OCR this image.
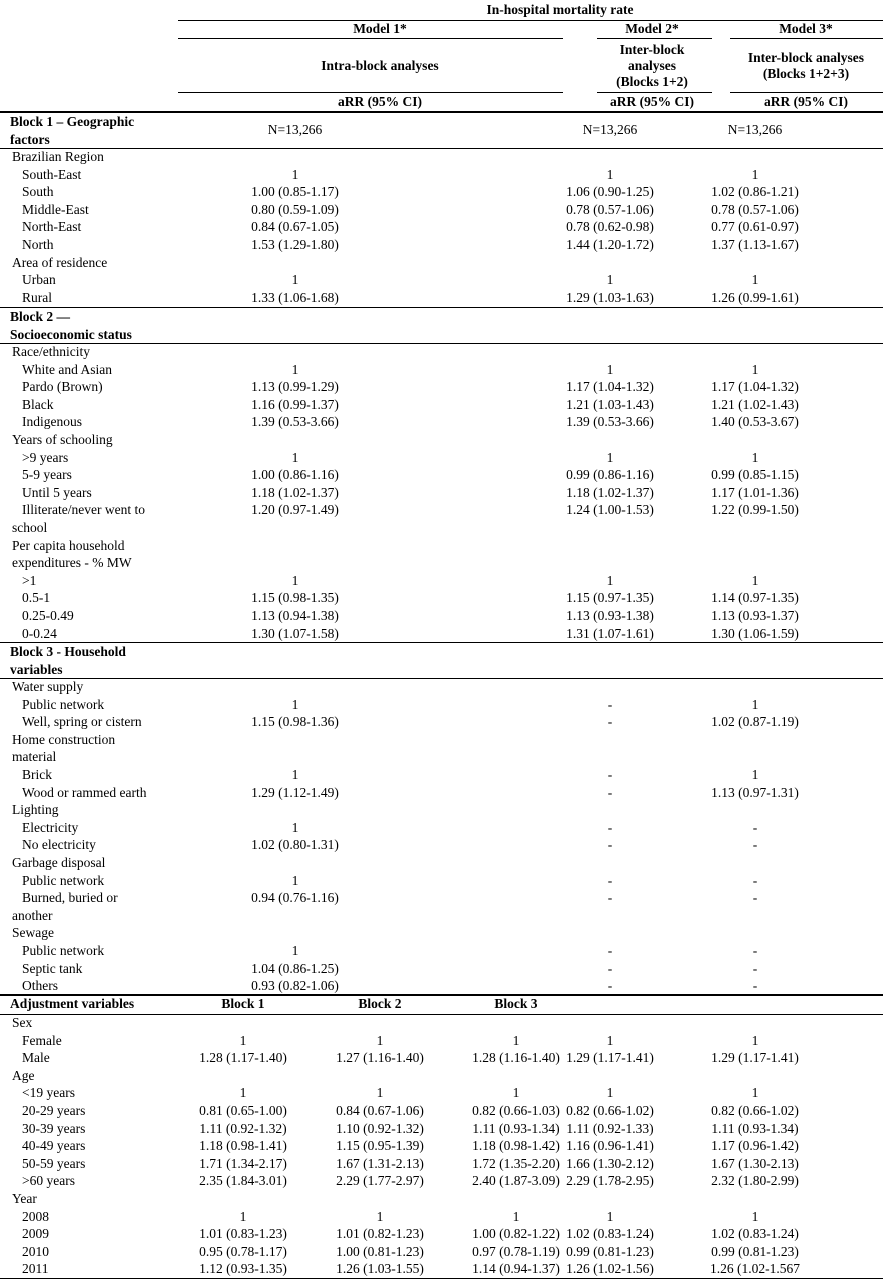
In-hospital mortality rate
Model 1*	Model 2*	Model 3*
Intra-block analyses
Inter-block
analyses
(Blocks 1+2)
Inter-block analyses
(Blocks 1+2+3)
aRR (95% CI)	aRR (95% CI)	aRR (95% CI)
Block 1 – Geographic
factors
N=13,266	N=13,266	N=13,266
Brazilian Region
South-East	1	1	1
South	1.00 (0.85-1.17)	1.06 (0.90-1.25)	1.02 (0.86-1.21)
Middle-East	0.80 (0.59-1.09)	0.78 (0.57-1.06)	0.78 (0.57-1.06)
North-East	0.84 (0.67-1.05)	0.78 (0.62-0.98)	0.77 (0.61-0.97)
North	1.53 (1.29-1.80)	1.44 (1.20-1.72)	1.37 (1.13-1.67)
Area of residence
Urban	1	1	1
Rural	1.33 (1.06-1.68)	1.29 (1.03-1.63)	1.26 (0.99-1.61)
Block 2 —
Socioeconomic status
Race/ethnicity
White and Asian	1	1	1
Pardo (Brown)	1.13 (0.99-1.29)	1.17 (1.04-1.32)	1.17 (1.04-1.32)
Black	1.16 (0.99-1.37)	1.21 (1.03-1.43)	1.21 (1.02-1.43)
Indigenous	1.39 (0.53-3.66)	1.39 (0.53-3.66)	1.40 (0.53-3.67)
Years of schooling
>9 years	1	1	1
5-9 years	1.00 (0.86-1.16)	0.99 (0.86-1.16)	0.99 (0.85-1.15)
Until 5 years	1.18 (1.02-1.37)	1.18 (1.02-1.37)	1.17 (1.01-1.36)
Illiterate/never went to	1.20 (0.97-1.49)	1.24 (1.00-1.53)	1.22 (0.99-1.50)
school
Per capita household
expenditures - % MW
>1	1	1	1
0.5-1	1.15 (0.98-1.35)	1.15 (0.97-1.35)	1.14 (0.97-1.35)
0.25-0.49	1.13 (0.94-1.38)	1.13 (0.93-1.38)	1.13 (0.93-1.37)
0-0.24	1.30 (1.07-1.58)	1.31 (1.07-1.61)	1.30 (1.06-1.59)
Block 3 - Household
variables
Water supply
Public network	1	-	1
Well, spring or cistern	1.15 (0.98-1.36)	-	1.02 (0.87-1.19)
Home construction
material
Brick	1	-	1
Wood or rammed earth	1.29 (1.12-1.49)	-	1.13 (0.97-1.31)
Lighting
Electricity	1	-	-
No electricity	1.02 (0.80-1.31)	-	-
Garbage disposal
Public network	1	-	-
Burned, buried or	0.94 (0.76-1.16)	-	-
another
Sewage
Public network	1	-	-
Septic tank	1.04 (0.86-1.25)	-	-
Others	0.93 (0.82-1.06)	-	-
Adjustment variables	Block 1	Block 2	Block 3
Sex
Female	1	1	1	1	1
Male	1.28 (1.17-1.40)	1.27 (1.16-1.40)	1.28 (1.16-1.40) 1.29 (1.17-1.41)	1.29 (1.17-1.41)
Age
<19 years	1	1	1	1	1
20-29 years	0.81 (0.65-1.00)	0.84 (0.67-1.06)	0.82 (0.66-1.03) 0.82 (0.66-1.02)	0.82 (0.66-1.02)
30-39 years	1.11 (0.92-1.32)	1.10 (0.92-1.32)	1.11 (0.93-1.34) 1.11 (0.92-1.33)	1.11 (0.93-1.34)
40-49 years	1.18 (0.98-1.41)	1.15 (0.95-1.39)	1.18 (0.98-1.42) 1.16 (0.96-1.41)	1.17 (0.96-1.42)
50-59 years	1.71 (1.34-2.17)	1.67 (1.31-2.13)	1.72 (1.35-2.20) 1.66 (1.30-2.12)	1.67 (1.30-2.13)
>60 years	2.35 (1.84-3.01)	2.29 (1.77-2.97)	2.40 (1.87-3.09) 2.29 (1.78-2.95)	2.32 (1.80-2.99)
Year
2008	1	1	1	1	1
2009	1.01 (0.83-1.23)	1.01 (0.82-1.23)	1.00 (0.82-1.22) 1.02 (0.83-1.24)	1.02 (0.83-1.24)
2010	0.95 (0.78-1.17)	1.00 (0.81-1.23)	0.97 (0.78-1.19) 0.99 (0.81-1.23)	0.99 (0.81-1.23)
2011	1.12 (0.93-1.35)	1.26 (1.03-1.55)	1.14 (0.94-1.37) 1.26 (1.02-1.56)	1.26 (1.02-1.567
